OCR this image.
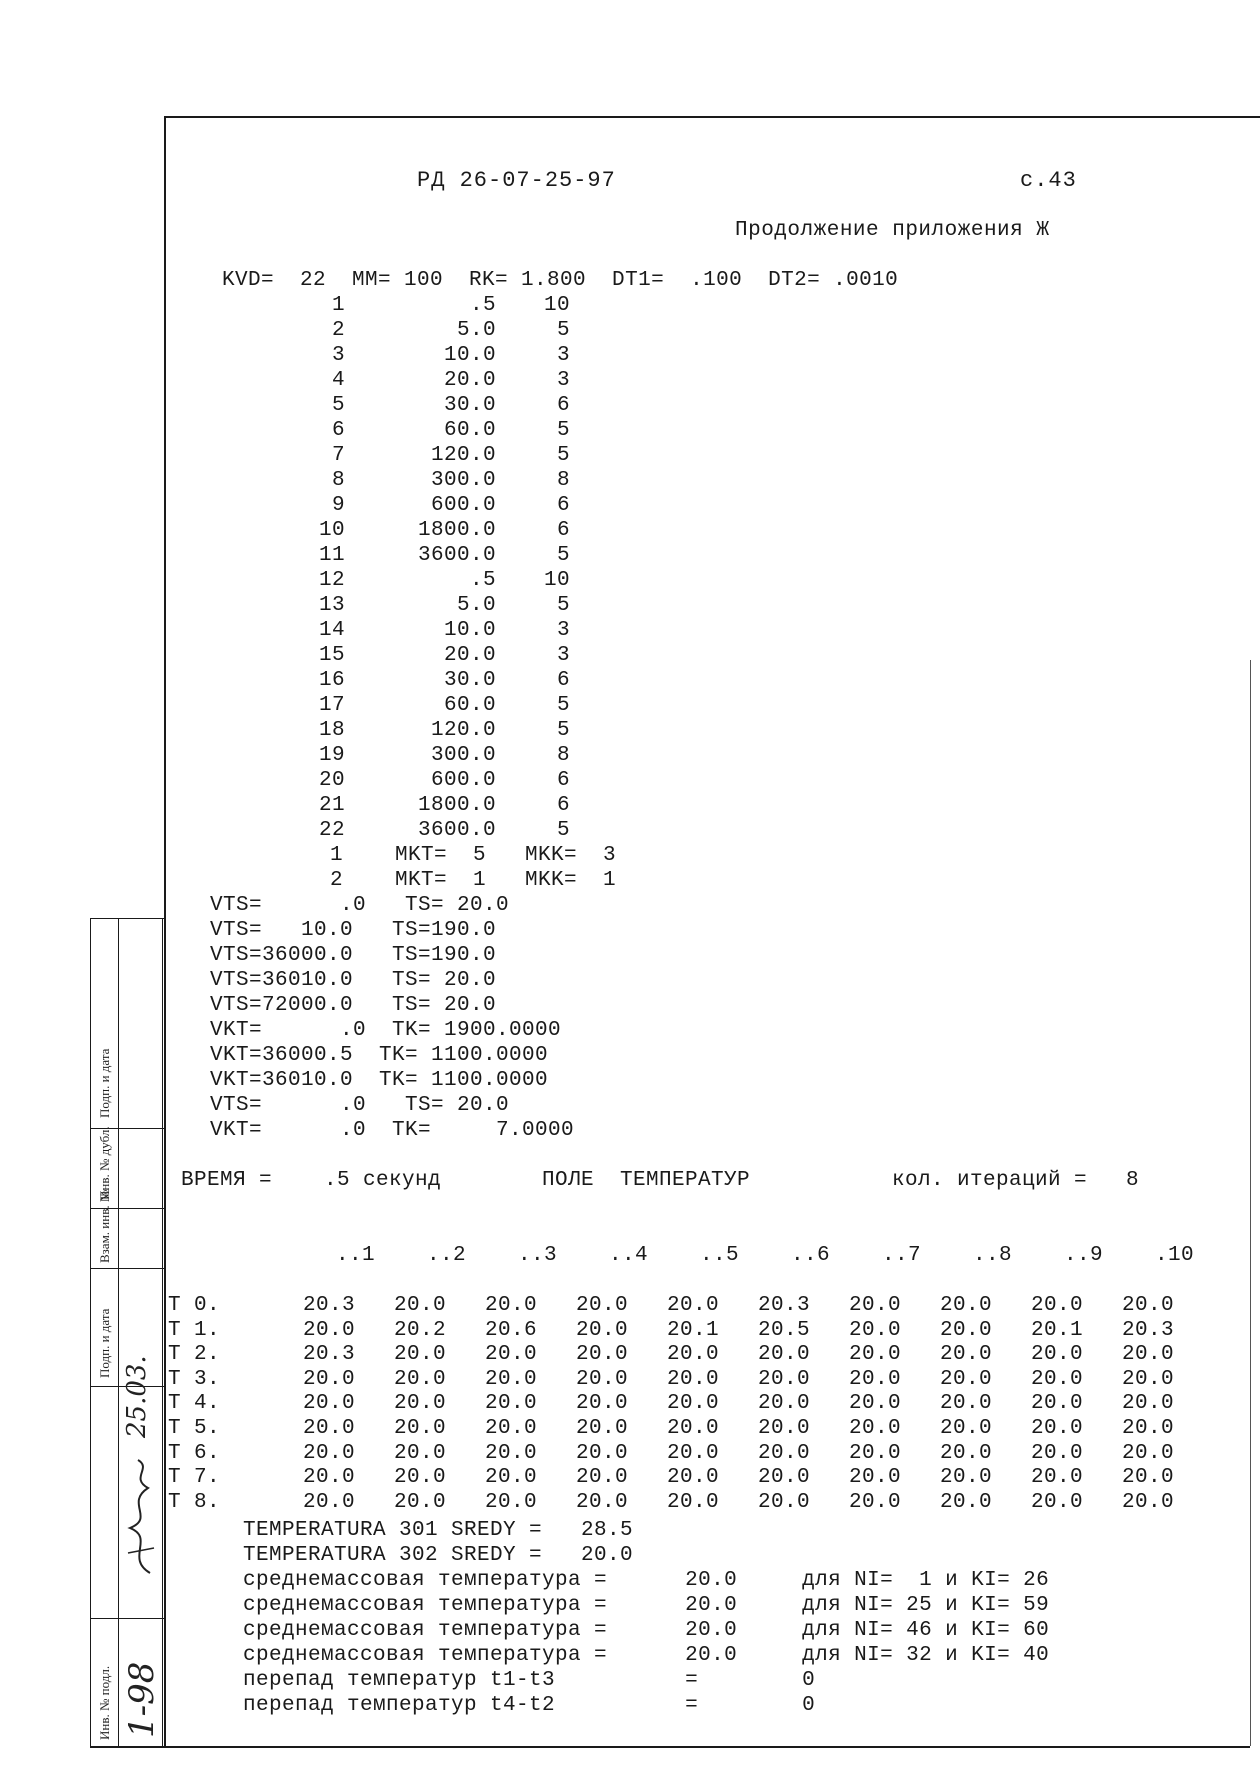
РД 26-07-25-97	с.43
Продолжение приложения Ж
KVD=  22  MM= 100  RK= 1.800  DT1=  .100  DT2= .0010
1	.5	10
2	5.0	5
3	10.0	3
4	20.0	3
5	30.0	6
6	60.0	5
7	120.0	5
8	300.0	8
9	600.0	6
10	1800.0	6
11	3600.0	5
12	.5	10
13	5.0	5
14	10.0	3
15	20.0	3
16	30.0	6
17	60.0	5
18	120.0	5
19	300.0	8
20	600.0	6
21	1800.0	6
22	3600.0	5
1    MKT=  5   MKK=  3
2    MKT=  1   MKK=  1
VTS=      .0   TS= 20.0
VTS=   10.0   TS=190.0
VTS=36000.0   TS=190.0
VTS=36010.0   TS= 20.0
VTS=72000.0   TS= 20.0
VKT=      .0  TK= 1900.0000
VKT=36000.5  TK= 1100.0000
VKT=36010.0  TK= 1100.0000
VTS=      .0   TS= 20.0
VKT=      .0  TK=     7.0000
ВРЕМЯ =    .5 секунд	ПОЛЕ  ТЕМПЕРАТУР	кол. итераций =   8
..1	..2	..3	..4	..5	..6	..7	..8	..9	.10
T 0.	20.3	20.0	20.0	20.0	20.0	20.3	20.0	20.0	20.0	20.0
T 1.	20.0	20.2	20.6	20.0	20.1	20.5	20.0	20.0	20.1	20.3
T 2.	20.3	20.0	20.0	20.0	20.0	20.0	20.0	20.0	20.0	20.0
T 3.	20.0	20.0	20.0	20.0	20.0	20.0	20.0	20.0	20.0	20.0
T 4.	20.0	20.0	20.0	20.0	20.0	20.0	20.0	20.0	20.0	20.0
T 5.	20.0	20.0	20.0	20.0	20.0	20.0	20.0	20.0	20.0	20.0
T 6.	20.0	20.0	20.0	20.0	20.0	20.0	20.0	20.0	20.0	20.0
T 7.	20.0	20.0	20.0	20.0	20.0	20.0	20.0	20.0	20.0	20.0
T 8.	20.0	20.0	20.0	20.0	20.0	20.0	20.0	20.0	20.0	20.0
TEMPERATURA 301 SREDY =   28.5
TEMPERATURA 302 SREDY =   20.0
среднемассовая температура =      20.0     для NI=  1 и KI= 26
среднемассовая температура =      20.0     для NI= 25 и KI= 59
среднемассовая температура =      20.0     для NI= 46 и KI= 60
среднемассовая температура =      20.0     для NI= 32 и KI= 40
перепад температур t1-t3          =        0
перепад температур t4-t2          =        0
Подп. и дата
Инв. № дубл.
Взам. инв. №
Подп. и дата
Инв. № подл. 1-98
25.03.
